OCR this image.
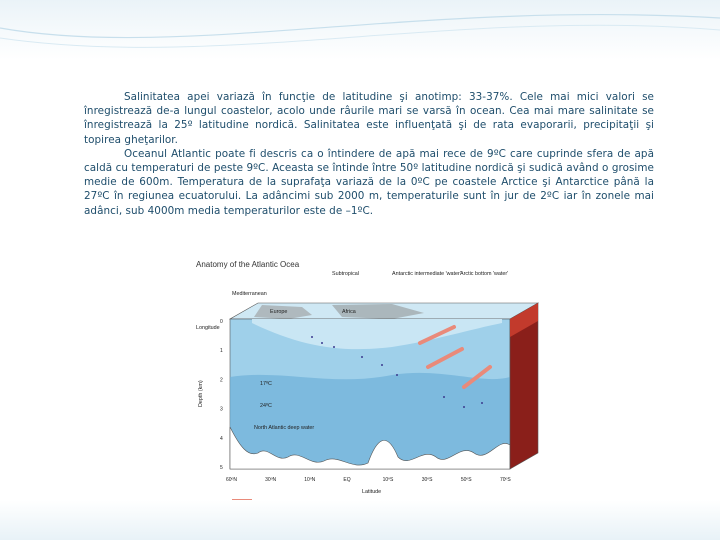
Salinitatea apei variază în funcţie de latitudine şi anotimp: 33-37%. Cele mai mici valori se înregistrează de-a lungul coastelor, acolo unde râurile mari se varsă în ocean. Cea mai mare salinitate se înregistrează la 25º latitudine nordică. Salinitatea este influenţată şi de rata evaporarii, precipitaţii şi topirea gheţarilor.

Oceanul Atlantic poate fi descris ca o întindere de apă mai rece de 9ºC care cuprinde sfera de apă caldă cu temperaturi de peste 9ºC. Aceasta se întinde între 50º latitudine nordică şi sudică având o grosime medie de 600m. Temperatura de la suprafaţa variază de la 0ºC pe coastele Arctice şi Antarctice până la 27ºC în regiunea ecuatorului. La adâncimi sub 2000 m, temperaturile sunt în jur de 2ºC iar în zonele mai adânci, sub 4000m media temperaturilor este de –1ºC.

Anatomy of the Atlantic Ocea
Subtropical
Mediterranean
Antarctic intermediate 'water' Arctic bottom 'water'
Europe	Africa
Longitude
17ºC
24ºC
North Atlantic deep water
Latitude
Depth (km)
0
1
2
3
4
5
60ºN	30ºN	10ºN	EQ	10ºS	30ºS	50ºS	70ºS
